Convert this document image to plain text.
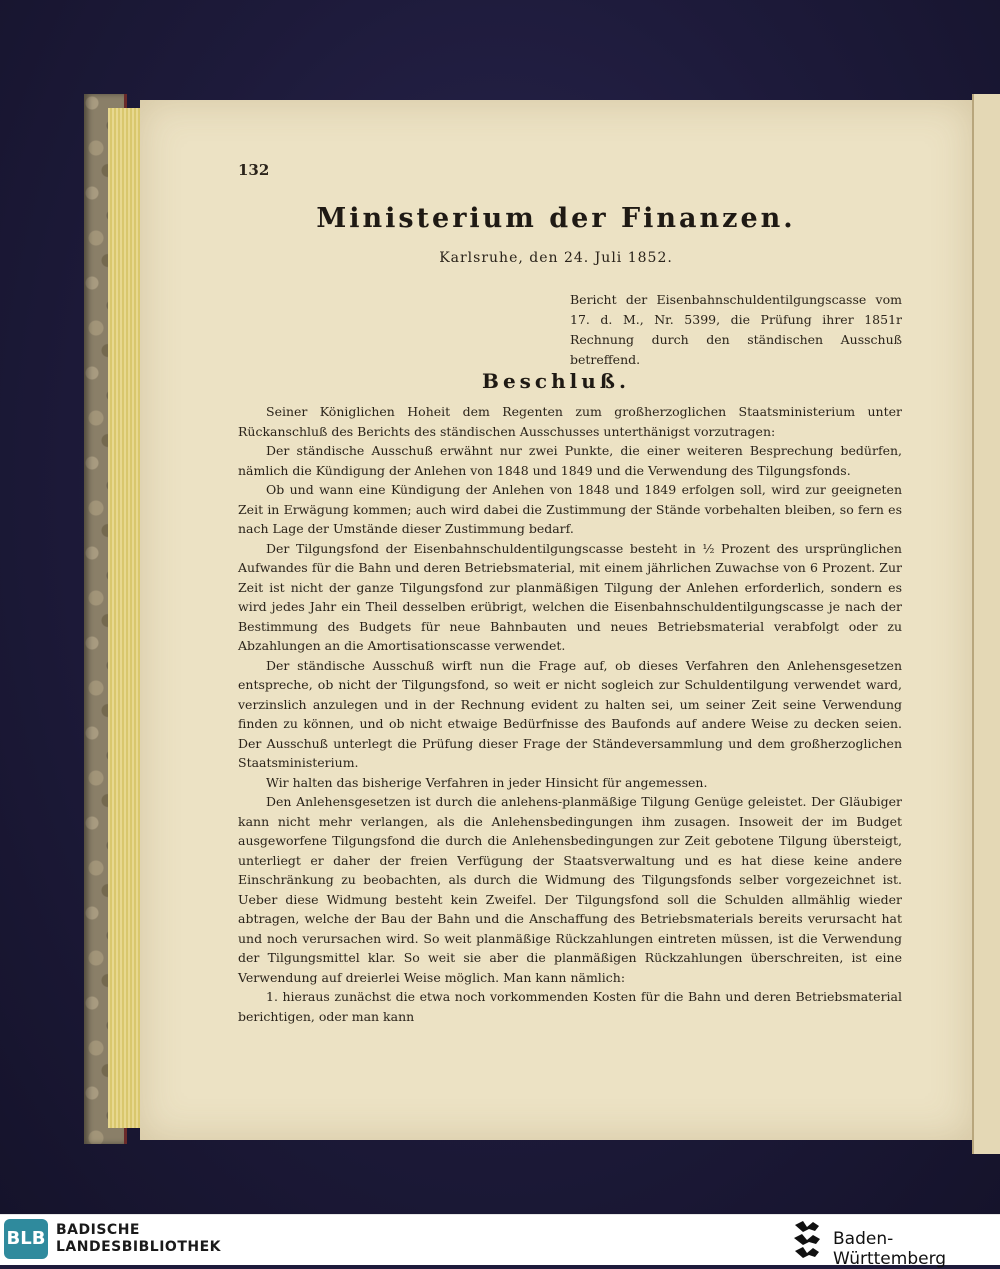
132
Ministerium der Finanzen.
Karlsruhe, den 24. Juli 1852.
Bericht der Eisenbahnschuldentilgungscasse vom 17. d. M., Nr. 5399, die Prüfung ihrer 1851r Rechnung durch den ständischen Ausschuß betreffend.
Beschluß.

Seiner Königlichen Hoheit dem Regenten zum großherzoglichen Staatsministerium unter Rückanschluß des Berichts des ständischen Ausschusses unterthänigst vorzutragen:

Der ständische Ausschuß erwähnt nur zwei Punkte, die einer weiteren Besprechung bedürfen, nämlich die Kündigung der Anlehen von 1848 und 1849 und die Verwendung des Tilgungsfonds.

Ob und wann eine Kündigung der Anlehen von 1848 und 1849 erfolgen soll, wird zur geeigneten Zeit in Erwägung kommen; auch wird dabei die Zustimmung der Stände vorbehalten bleiben, so fern es nach Lage der Umstände dieser Zustimmung bedarf.

Der Tilgungsfond der Eisenbahnschuldentilgungscasse besteht in ½ Prozent des ursprünglichen Aufwandes für die Bahn und deren Betriebsmaterial, mit einem jährlichen Zuwachse von 6 Prozent. Zur Zeit ist nicht der ganze Tilgungsfond zur planmäßigen Tilgung der Anlehen erforderlich, sondern es wird jedes Jahr ein Theil desselben erübrigt, welchen die Eisenbahnschuldentilgungscasse je nach der Bestimmung des Budgets für neue Bahnbauten und neues Betriebsmaterial verabfolgt oder zu Abzahlungen an die Amortisationscasse verwendet.

Der ständische Ausschuß wirft nun die Frage auf, ob dieses Verfahren den Anlehensgesetzen entspreche, ob nicht der Tilgungsfond, so weit er nicht sogleich zur Schuldentilgung verwendet ward, verzinslich anzulegen und in der Rechnung evident zu halten sei, um seiner Zeit seine Verwendung finden zu können, und ob nicht etwaige Bedürfnisse des Baufonds auf andere Weise zu decken seien. Der Ausschuß unterlegt die Prüfung dieser Frage der Ständeversammlung und dem großherzoglichen Staatsministerium.

Wir halten das bisherige Verfahren in jeder Hinsicht für angemessen.

Den Anlehensgesetzen ist durch die anlehens-planmäßige Tilgung Genüge geleistet. Der Gläubiger kann nicht mehr verlangen, als die Anlehensbedingungen ihm zusagen. Insoweit der im Budget ausgeworfene Tilgungsfond die durch die Anlehensbedingungen zur Zeit gebotene Tilgung übersteigt, unterliegt er daher der freien Verfügung der Staatsverwaltung und es hat diese keine andere Einschränkung zu beobachten, als durch die Widmung des Tilgungsfonds selber vorgezeichnet ist. Ueber diese Widmung besteht kein Zweifel. Der Tilgungsfond soll die Schulden allmählig wieder abtragen, welche der Bau der Bahn und die Anschaffung des Betriebsmaterials bereits verursacht hat und noch verursachen wird. So weit planmäßige Rückzahlungen eintreten müssen, ist die Verwendung der Tilgungsmittel klar. So weit sie aber die planmäßigen Rückzahlungen überschreiten, ist eine Verwendung auf dreierlei Weise möglich. Man kann nämlich:

1. hieraus zunächst die etwa noch vorkommenden Kosten für die Bahn und deren Betriebsmaterial berichtigen, oder man kann

BLB BADISCHE
LANDESBIBLIOTHEK	Baden-Württemberg
